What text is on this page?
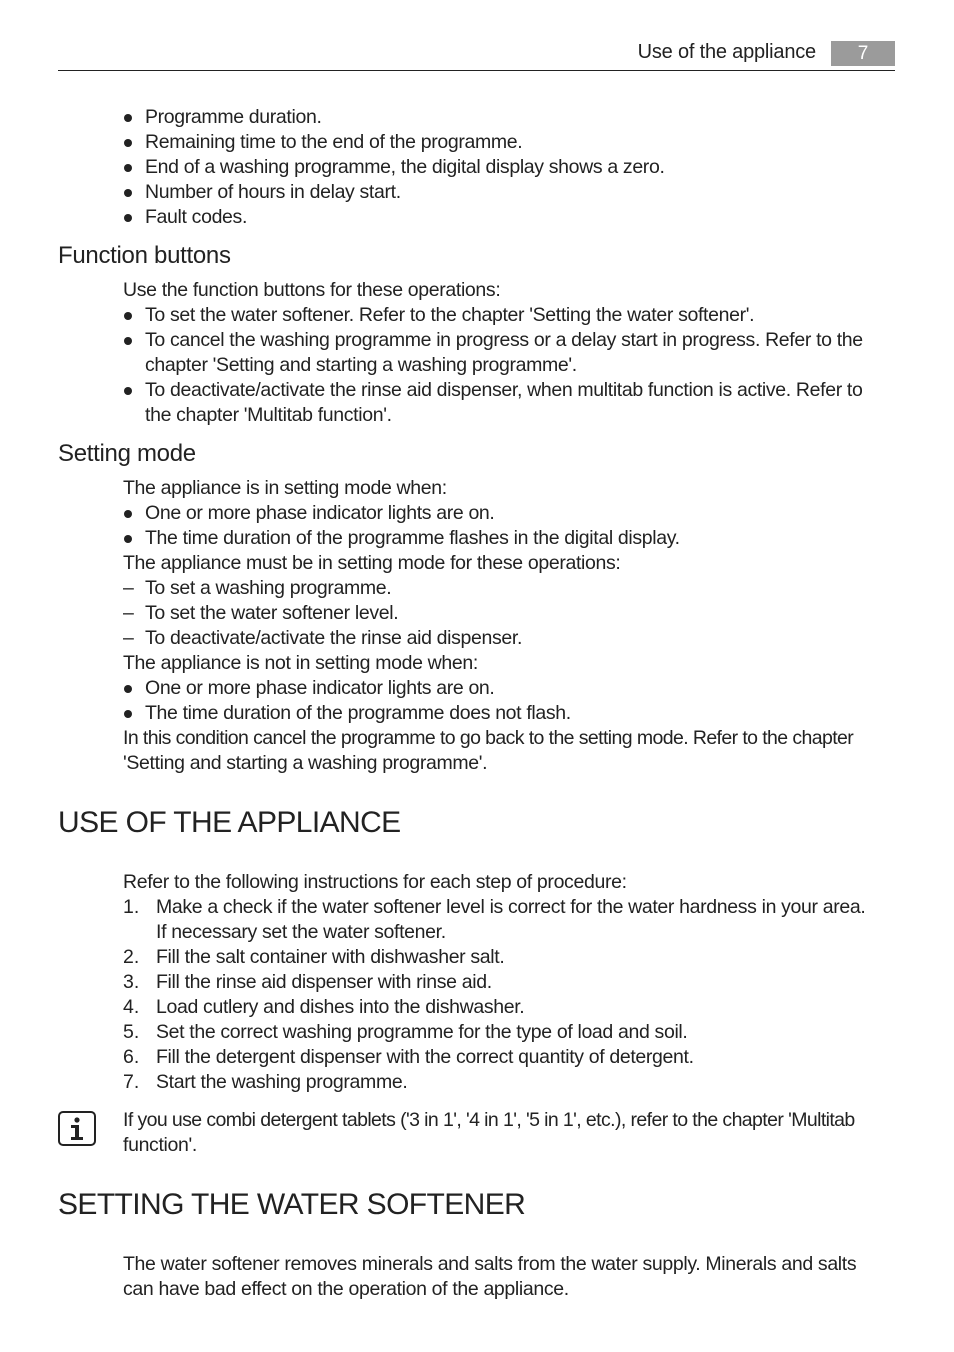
Use of the appliance	7
Programme duration.
Remaining time to the end of the programme.
End of a washing programme, the digital display shows a zero.
Number of hours in delay start.
Fault codes.
Function buttons
Use the function buttons for these operations:
To set the water softener. Refer to the chapter 'Setting the water softener'.
To cancel the washing programme in progress or a delay start in progress. Refer to the
chapter 'Setting and starting a washing programme'.
To deactivate/activate the rinse aid dispenser, when multitab function is active. Refer to
the chapter 'Multitab function'.
Setting mode
The appliance is in setting mode when:
One or more phase indicator lights are on.
The time duration of the programme flashes in the digital display.
The appliance must be in setting mode for these operations:
– To set a washing programme.
– To set the water softener level.
– To deactivate/activate the rinse aid dispenser.
The appliance is not in setting mode when:
One or more phase indicator lights are on.
The time duration of the programme does not flash.
In this condition cancel the programme to go back to the setting mode. Refer to the chapter
'Setting and starting a washing programme'.
USE OF THE APPLIANCE
Refer to the following instructions for each step of procedure:
1. Make a check if the water softener level is correct for the water hardness in your area.
If necessary set the water softener.
2. Fill the salt container with dishwasher salt.
3. Fill the rinse aid dispenser with rinse aid.
4. Load cutlery and dishes into the dishwasher.
5. Set the correct washing programme for the type of load and soil.
6. Fill the detergent dispenser with the correct quantity of detergent.
7. Start the washing programme.
If you use combi detergent tablets ('3 in 1', '4 in 1', '5 in 1', etc.), refer to the chapter 'Multitab
function'.
SETTING THE WATER SOFTENER
The water softener removes minerals and salts from the water supply. Minerals and salts
can have bad effect on the operation of the appliance.
